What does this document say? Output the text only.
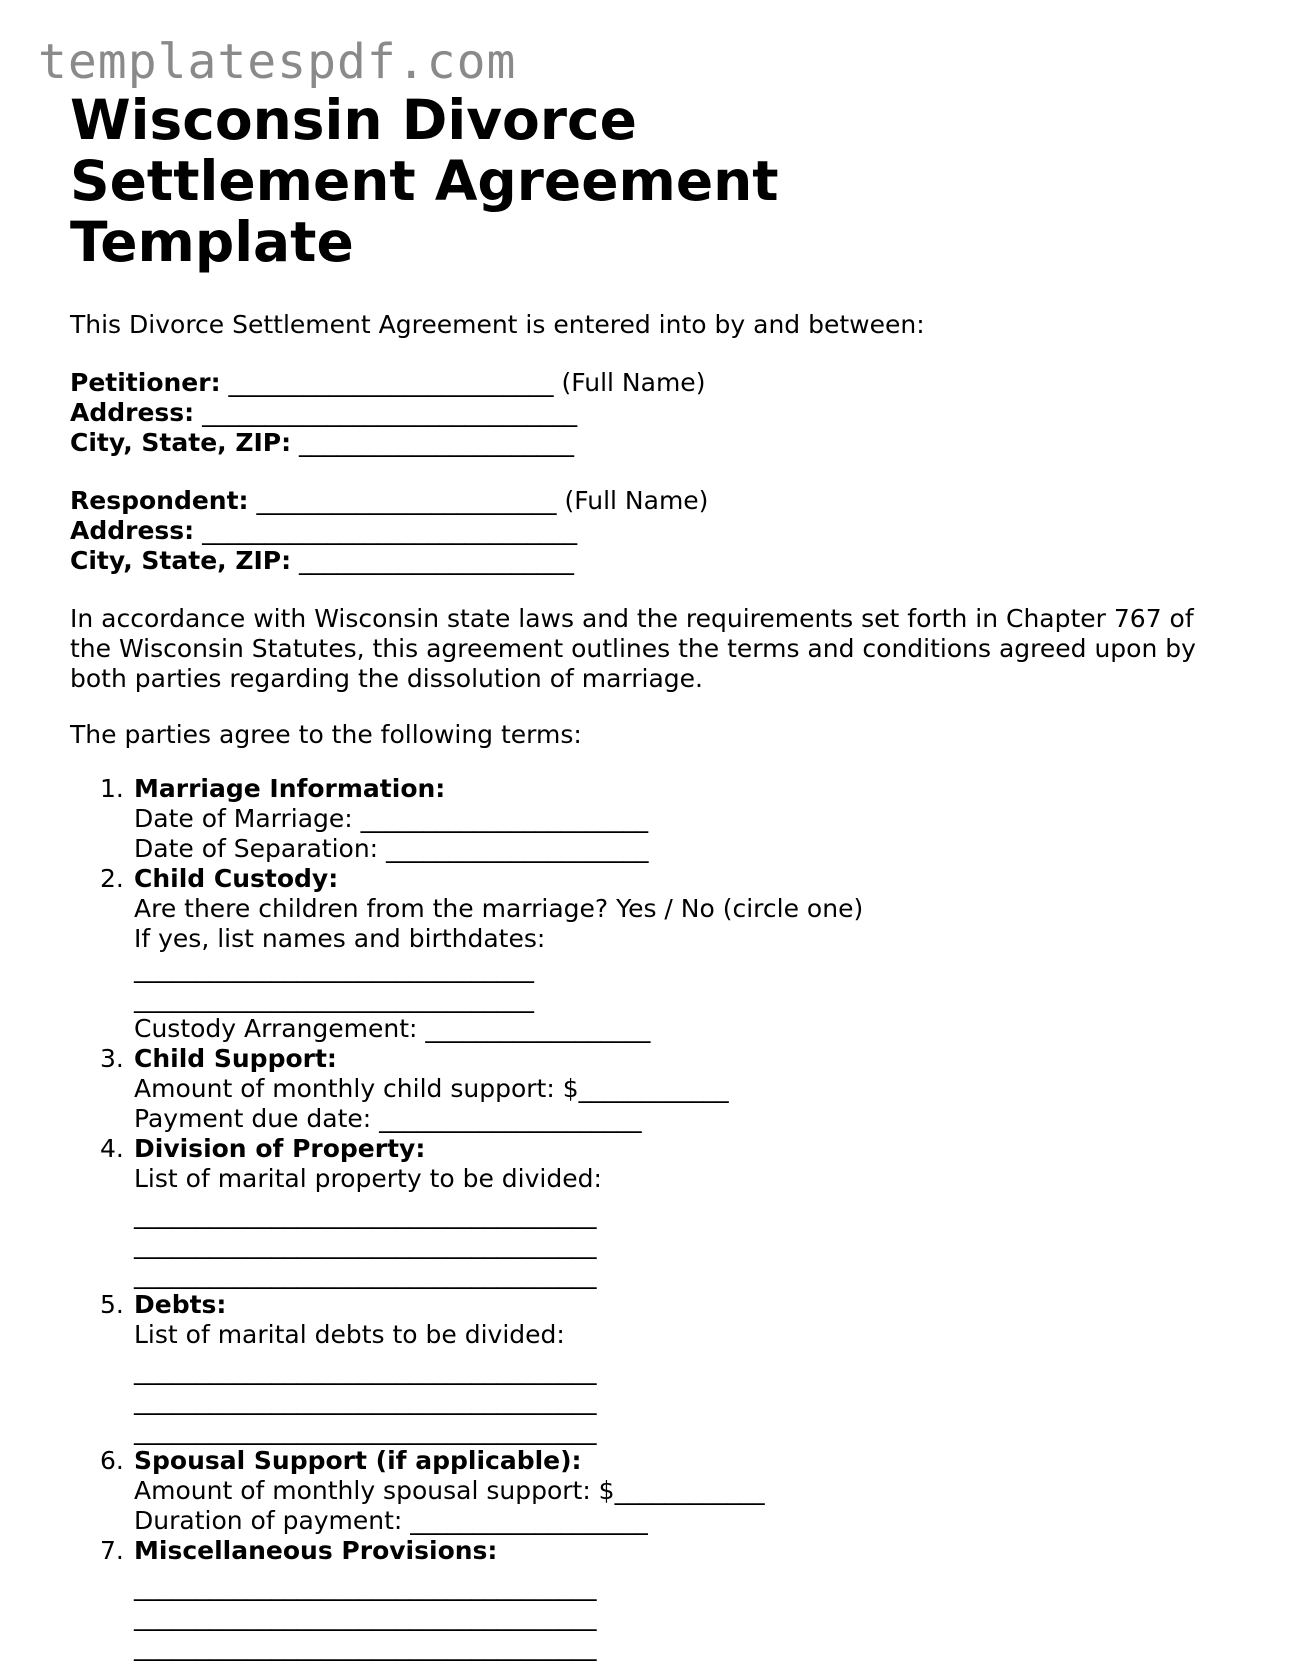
templatespdf.com
Wisconsin Divorce Settlement Agreement Template

This Divorce Settlement Agreement is entered into by and between:

Petitioner: __________________________ (Full Name)
Address: ______________________________
City, State, ZIP: ______________________
Respondent: ________________________ (Full Name)
Address: ______________________________
City, State, ZIP: ______________________

In accordance with Wisconsin state laws and the requirements set forth in Chapter 767 of the Wisconsin Statutes, this agreement outlines the terms and conditions agreed upon by both parties regarding the dissolution of marriage.

The parties agree to the following terms:

1. Marriage Information:
Date of Marriage: _______________________
Date of Separation: _____________________
2. Child Custody:
Are there children from the marriage? Yes / No (circle one)
If yes, list names and birthdates:
________________________________
________________________________
Custody Arrangement: __________________
3. Child Support:
Amount of monthly child support: $____________
Payment due date: _____________________
4. Division of Property:
List of marital property to be divided:
_____________________________________
_____________________________________
_____________________________________
5. Debts:
List of marital debts to be divided:
_____________________________________
_____________________________________
_____________________________________
6. Spousal Support (if applicable):
Amount of monthly spousal support: $____________
Duration of payment: ___________________
7. Miscellaneous Provisions:
_____________________________________
_____________________________________
_____________________________________
